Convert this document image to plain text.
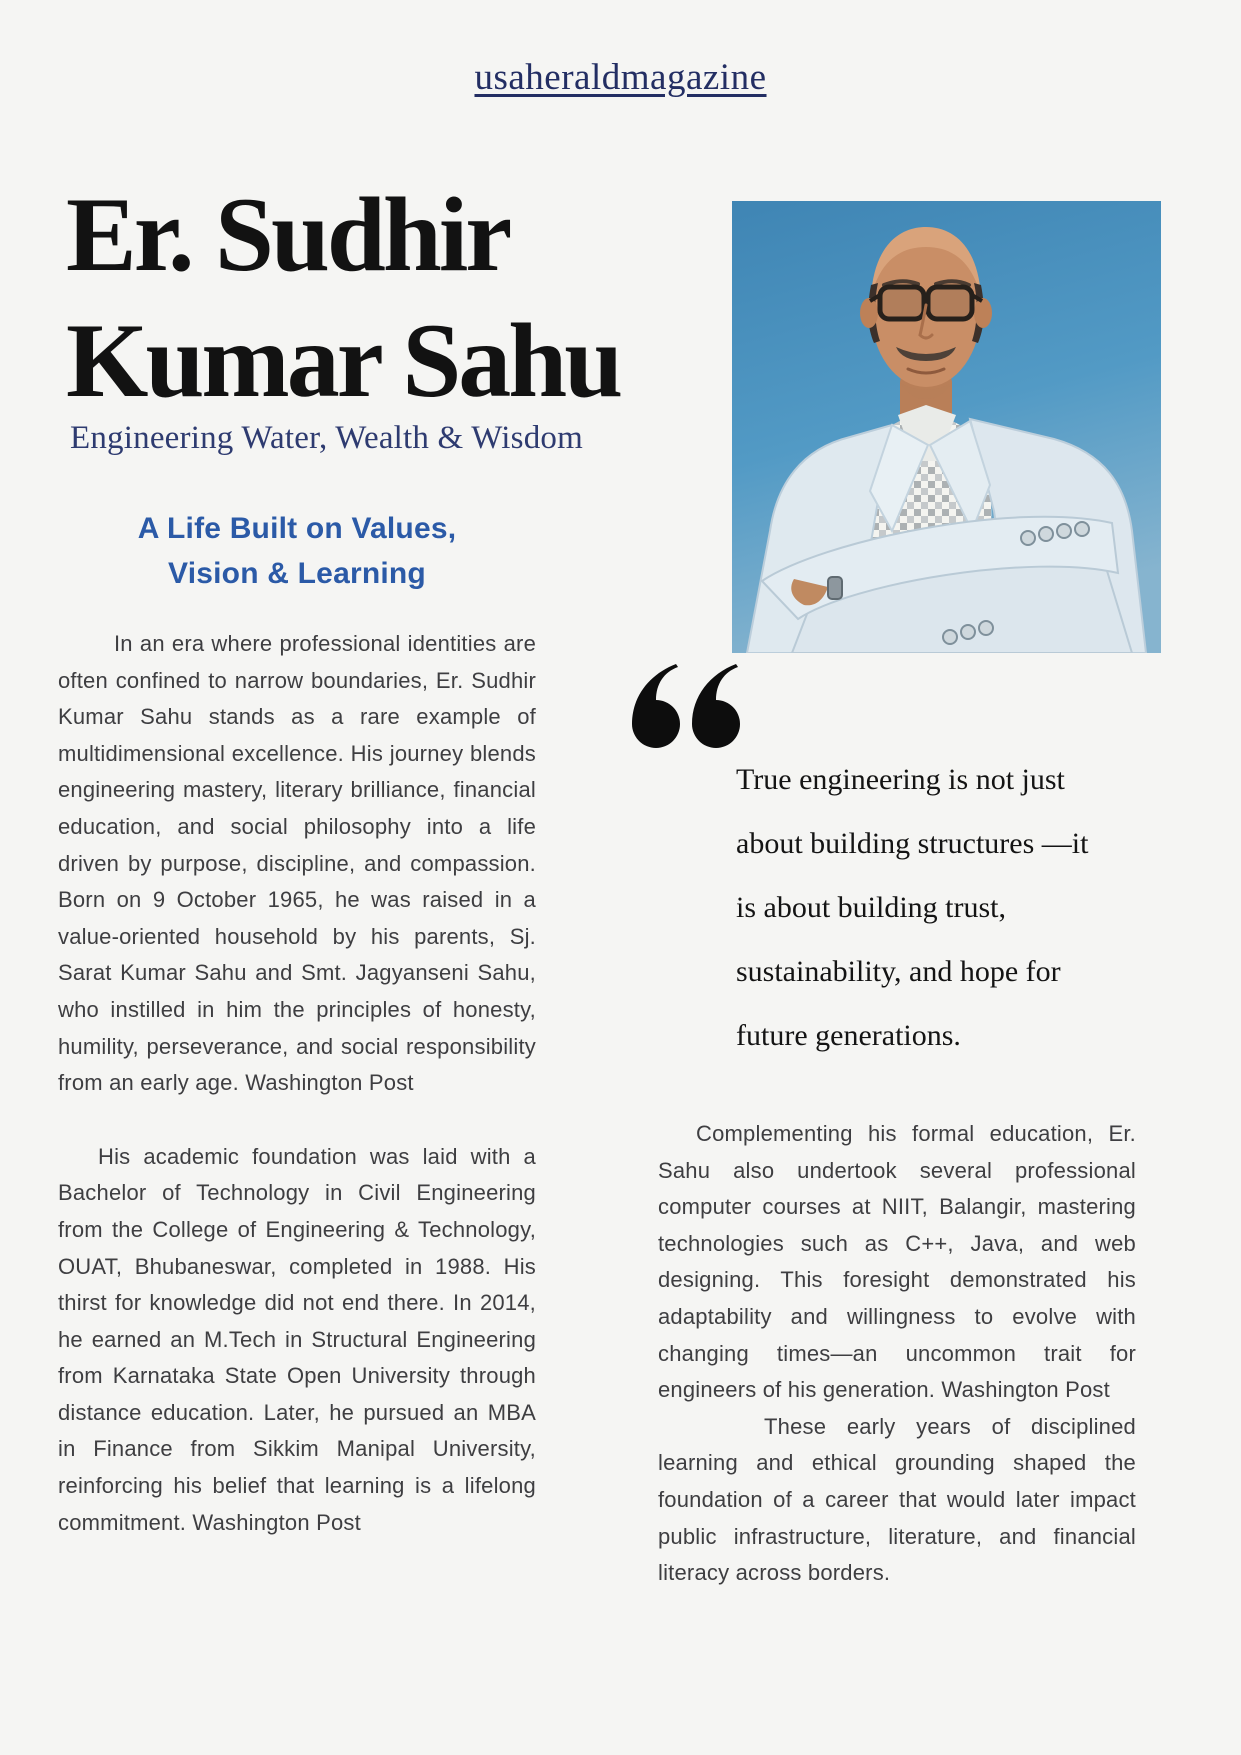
usaheraldmagazine
Er. Sudhir
Kumar Sahu
Engineering Water, Wealth & Wisdom
A Life Built on Values,
Vision & Learning
True engineering is not just about building structures —it is about building trust, sustainability, and hope for future generations.

In an era where professional identities are often confined to narrow boundaries, Er. Sudhir Kumar Sahu stands as a rare example of multidimensional excellence. His journey blends engineering mastery, literary brilliance, financial education, and social philosophy into a life driven by purpose, discipline, and compassion. Born on 9 October 1965, he was raised in a value-oriented household by his parents, Sj. Sarat Kumar Sahu and Smt. Jagyanseni Sahu, who instilled in him the principles of honesty, humility, perseverance, and social responsibility from an early age. Washington Post

His academic foundation was laid with a Bachelor of Technology in Civil Engineering from the College of Engineering & Technology, OUAT, Bhubaneswar, completed in 1988. His thirst for knowledge did not end there. In 2014, he earned an M.Tech in Structural Engineering from Karnataka State Open University through distance education. Later, he pursued an MBA in Finance from Sikkim Manipal University, reinforcing his belief that learning is a lifelong commitment. Washington Post

Complementing his formal education, Er. Sahu also undertook several professional computer courses at NIIT, Balangir, mastering technologies such as C++, Java, and web designing. This foresight demonstrated his adaptability and willingness to evolve with changing times—an uncommon trait for engineers of his generation. Washington Post

These early years of disciplined learning and ethical grounding shaped the foundation of a career that would later impact public infrastructure, literature, and financial literacy across borders.
